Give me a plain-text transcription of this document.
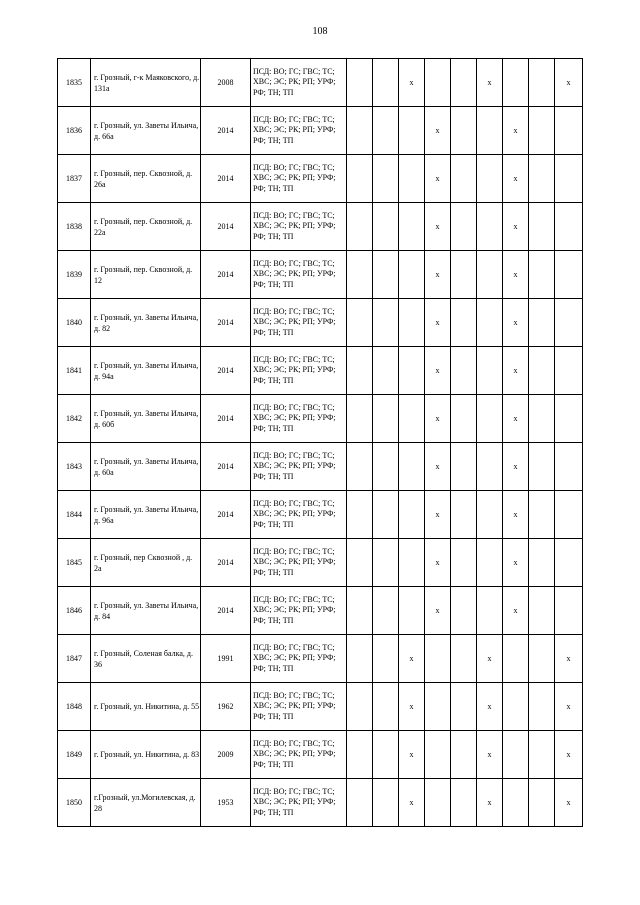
108
1835	г. Грозный, г-к Маяковского, д. 131а	2008	ПСД: ВО; ГС; ГВС; ТС; ХВС; ЭС; РК; РП; УРФ; РФ; ТН; ТП			x			x			x
1836	г. Грозный, ул. Заветы Ильича, д. 66а	2014	ПСД: ВО; ГС; ГВС; ТС; ХВС; ЭС; РК; РП; УРФ; РФ; ТН; ТП				x			x		
1837	г. Грозный, пер. Сквозной, д. 26а	2014	ПСД: ВО; ГС; ГВС; ТС; ХВС; ЭС; РК; РП; УРФ; РФ; ТН; ТП				x			x		
1838	г. Грозный, пер. Сквозной, д. 22а	2014	ПСД: ВО; ГС; ГВС; ТС; ХВС; ЭС; РК; РП; УРФ; РФ; ТН; ТП				x			x		
1839	г. Грозный, пер. Сквозной, д. 12	2014	ПСД: ВО; ГС; ГВС; ТС; ХВС; ЭС; РК; РП; УРФ; РФ; ТН; ТП				x			x		
1840	г. Грозный, ул. Заветы Ильича, д. 82	2014	ПСД: ВО; ГС; ГВС; ТС; ХВС; ЭС; РК; РП; УРФ; РФ; ТН; ТП				x			x		
1841	г. Грозный, ул. Заветы Ильича, д. 94а	2014	ПСД: ВО; ГС; ГВС; ТС; ХВС; ЭС; РК; РП; УРФ; РФ; ТН; ТП				x			x		
1842	г. Грозный, ул. Заветы Ильича, д. 60б	2014	ПСД: ВО; ГС; ГВС; ТС; ХВС; ЭС; РК; РП; УРФ; РФ; ТН; ТП				x			x		
1843	г. Грозный, ул. Заветы Ильича, д. 60а	2014	ПСД: ВО; ГС; ГВС; ТС; ХВС; ЭС; РК; РП; УРФ; РФ; ТН; ТП				x			x		
1844	г. Грозный, ул. Заветы Ильича, д. 96а	2014	ПСД: ВО; ГС; ГВС; ТС; ХВС; ЭС; РК; РП; УРФ; РФ; ТН; ТП				x			x		
1845	г. Грозный, пер Сквозной , д. 2а	2014	ПСД: ВО; ГС; ГВС; ТС; ХВС; ЭС; РК; РП; УРФ; РФ; ТН; ТП				x			x		
1846	г. Грозный, ул. Заветы Ильича, д. 84	2014	ПСД: ВО; ГС; ГВС; ТС; ХВС; ЭС; РК; РП; УРФ; РФ; ТН; ТП				x			x		
1847	г. Грозный, Соленая балка, д. 36	1991	ПСД: ВО; ГС; ГВС; ТС; ХВС; ЭС; РК; РП; УРФ; РФ; ТН; ТП			x			x			x
1848	г. Грозный, ул. Никитина, д. 55	1962	ПСД: ВО; ГС; ГВС; ТС; ХВС; ЭС; РК; РП; УРФ; РФ; ТН; ТП			x			x			x
1849	г. Грозный, ул. Никитина, д. 83	2009	ПСД: ВО; ГС; ГВС; ТС; ХВС; ЭС; РК; РП; УРФ; РФ; ТН; ТП			x			x			x
1850	г.Грозный, ул.Могилевская, д. 28	1953	ПСД: ВО; ГС; ГВС; ТС; ХВС; ЭС; РК; РП; УРФ; РФ; ТН; ТП			x			x			x
